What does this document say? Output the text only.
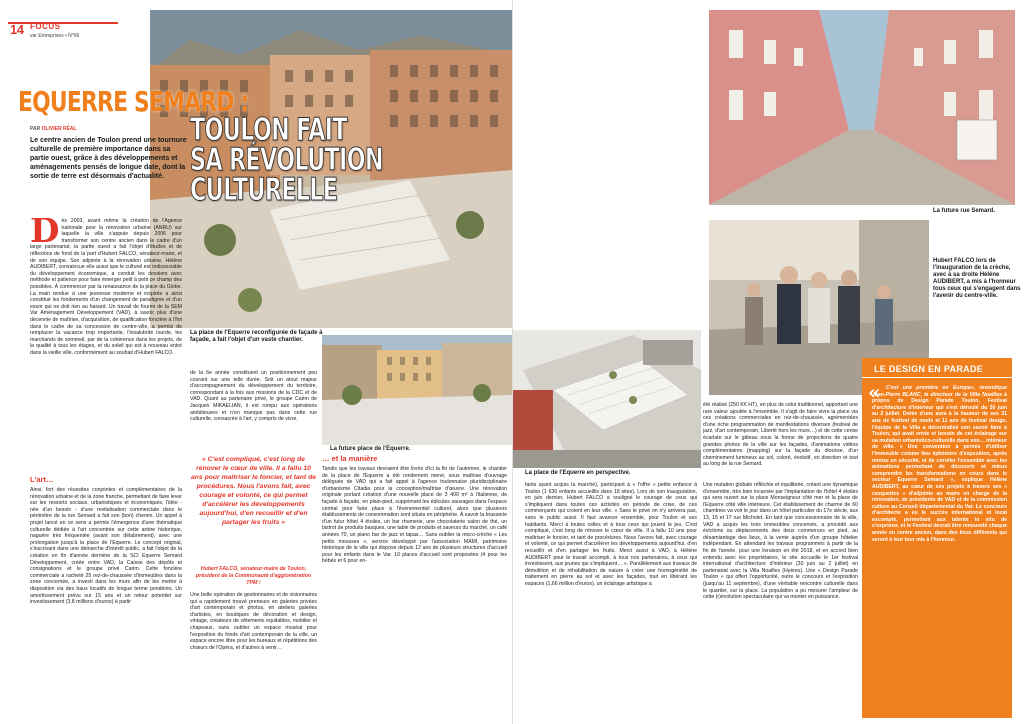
14 FOCUS
var Entreprises • N°66
EQUERRE SEMARD :
TOULON FAIT
SA RÉVOLUTION
CULTURELLE
PAR OLIVIER RÉAL
Le centre ancien de Toulon prend une tournure culturelle de première importance dans sa partie ouest, grâce à des développements et aménagements pensés de longue date, dont la sortie de terre est désormais d'actualité.
Dès 2003, avant même la création de l'Agence nationale pour la rénovation urbaine (ANRU) sur laquelle la ville s'appuie depuis 2006 pour transformer son centre ancien dans le cadre d'un large partenariat, la partie ouest a fait l'objet d'études et de réflexions de fond de la part d'Hubert FALCO, sénateur-maire, et de son équipe. Son adjointe à la rénovation urbaine, Hélène AUDIBERT, convaincue elle aussi que le culturel est indissociable du développement économique, a conduit les dossiers avec méthode et patience pour faire émerger petit à petit ce champ des possibles. À commencer par la renaissance de la place du Globe. La main tendue à une jeunesse moderne et inspirée a ainsi constitué les fondements d'un changement de paradigme et d'un essor qui ne doit rien au hasard. Un travail de fourmi de la SEM Var Aménagement Développement (VAD), à savoir plus d'une décennie de maîtrise, d'acquisition, de qualification foncière à l'îlot dans le cadre de sa concession de centre-ville, a permis de remplacer la vacance trop importante, l'insalubrité lourde, les marchands de sommeil, par de la cohérence dans les projets, de la qualité à tous les étages, et du soleil qui est à nouveau entré dans la vieille ville, conformément au souhait d'Hubert FALCO.
L'art…
Ainsi, fort des réussites conjointes et complémentaires de la rénovation urbaine et de la zone franche, permettant de faire lever sur les ressorts sociaux, urbanistiques et économiques, l'idée - née d'un besoin - d'une revitalisation commerciale dans le périmètre de la rue Semard a fait son (bon) chemin. Un appel à projet lancé en ce sens a permis l'émergence d'une thématique culturelle dédiée à l'art concentrée sur cette artère historique, naguère très fréquentée (avant son délabrement), avec une prolongation jusqu'à la place de l'Equerre. Le concept original, s'inscrivant dans une démarche d'intérêt public, a fait l'objet de la création en fin d'année dernière de la SCI Equerre Semard Développement, créée entre VAD, la Caisse des dépôts et consignations et le groupe privé Carim. Cette foncière commerciale a racheté 25 rez-de-chaussée d'immeubles dans la zone concernée, a investi dans les murs afin de les mettre à disposition via des baux locatifs de longue terme pondérés. Un amortissement prévu sur 15 ans et un retour potentiel sur investissement (3,8 millions d'euros) à partir
de la 6e année constituent un positionnement peu courant sur une telle durée. Soit un atout majeur d'accompagnement du développement du territoire, correspondant à la fois aux missions de la CDC et de VAD. Quant au partenaire privé, le groupe Carim de Jacques MIKAELIAN, il est rompu aux opérations ambitieuses et n'en manque pas dans cette rue culturelle, consacrée à l'art, y compris de vivre.
« C'est compliqué, c'est long de rénover le cœur de ville. Il a fallu 10 ans pour maîtriser le foncier, et tant de procédures. Nous l'avons fait, avec courage et volonté, ce qui permet d'accélérer les développements aujourd'hui, d'en recueillir et d'en partager les fruits »
Hubert FALCO, sénateur-maire de Toulon, président de la Communauté d'agglomération TPM !
Une belle opération de gestionnaires et de visionnaires qui a rapidement trouvé preneurs en galeries privées d'art contemporain et photos, en ateliers galeries d'artistes, en boutiques de décoration et design, vintage, créateurs de vêtements équitables, mobilier et chapeaux, sans oublier un espace muséal pour l'exposition du fonds d'art contemporain de la ville, un espace encore libre pour les bureaux et répétitions des chœurs de l'Opéra, et d'autres à venir…
La place de l'Equerre reconfigurée de façade à façade, a fait l'objet d'un vaste chantier.
La future place de l'Equerre.
… et la manière
Tandis que les travaux devraient être livrés d'ici la fin de l'automne, le chantier de la place de l'Equerre a été rondement mené, sous maîtrise d'ouvrage déléguée de VAD qui a fait appel à l'agence toulonnaise pluridisciplinaire d'urbanisme Citadia pour la conception/maîtrise d'œuvre. Une rénovation originale portant création d'une nouvelle place de 3 400 m² à l'italienne, de façade à façade, en plain-pied, supprimant les édicules sauvages dans l'espace central pour faire place à l'événementiel culturel, alors que plusieurs établissements de consommation sont situés en périphérie. À savoir la brasserie d'un futur hôtel 4 étoiles, un bar rhumerie, une chocolaterie salon de thé, un bistrot de produits basques, une table de produits et saveurs du marché, un café années 70, un piano bar de jazz et tapas… Sans oublier la micro-crèche « Les petits mousses », service développé par l'association MAMI, patrimoine historique de la ville qui dispose depuis 12 ans de plusieurs structures d'accueil pour les enfants dans le Var. 10 places d'accueil sont proposées (4 pour les bébés et 6 pour en-
La place de l'Equerre en perspective.
La future rue Semard.
Hubert FALCO lors de l'inauguration de la crèche, avec à sa droite Hélène AUDIBERT, a mis à l'honneur tous ceux qui s'engagent dans l'avenir du centre-ville.
été réalisé (250 K€ HT), en plus de celui traditionnel, apportant une rare valeur ajoutée à l'ensemble. Il s'agit de faire vivre la place via ces créations commerciales en rez-de-chaussée, agrémentées d'une riche programmation de manifestations diverses (festival de jazz, d'art contemporain, Liberté hors les murs…) et de cette cerise écarlate sur le gâteau sous la forme de projections de quatre grandes photos de la ville sur les façades, d'animations vidéos complémentaires (mapping) sur la façade du diocèse, d'un cheminement lumineux au sol, coloré, évolutif, en direction et tout au long de la rue Semard.
Une mutation globale réfléchie et équilibrée, créant une dynamique d'ensemble, très bien incarnée par l'implantation de l'hôtel 4 étoiles qui sera ouvert sur la place Monseigneur côté mer et la place de l'Equerre côté ville intérieure. Cet établissement de charme de 60 chambres va voir le jour dans un hôtel particulier du 17e siècle, aux 13, 15 et 17 rue Micholet. En tant que concessionnaire de la ville, VAD a acquis les trois immeubles concernés, a procédé aux évictions ou déplacements des deux commerces en pied, au désamiantage des lieux, à la vente auprès d'un groupe hôtelier indépendant. En attendant les travaux programmés à partir de la fin de l'année, pour une livraison en été 2018, et en accord bien entendu avec les propriétaires, le site accueille le 1er festival international d'architecture d'intérieur (30 juin au 2 juillet) en partenariat avec la Villa Noailles (Hyères). Une « Design Parade Toulon » qui offert l'opportunité, outre le concours et l'exposition (jusqu'au 11 septembre), d'une véritable rencontre culturelle dans le quartier, sur la place. La population a pu mesurer l'ampleur de cette (r)évolution spectaculaire qui va monter en puissance.
fants ayant acquis la marche), participant à « l'offre » petite enfance à Toulon (1 630 enfants accueillis dans 18 sites). Lors de son inauguration, en juin dernier, Hubert FALCO a souligné le courage de ceux qui s'impliquent dans toutes ces activités en période de crise, de ces commerçants qui croient en leur ville. « Sans le privé on n'y arrivera pas, sans le public aussi. Il faut avancer ensemble, pour Toulon et ses habitants. Merci à toutes celles et à tous ceux qui jouent le jeu. C'est compliqué, c'est long de rénover le cœur de ville. Il a fallu 10 ans pour maîtriser le foncier, et tant de procédures. Nous l'avons fait, avec courage et volonté, ce qui permet d'accélérer les développements aujourd'hui, d'en recueillir et d'en partager les fruits. Merci aussi à VAD, à Hélène AUDIBERT pour le travail accompli, à tous nos partenaires, à ceux qui investissent, aux jeunes qui s'impliquent… ». Parallèlement aux travaux de démolition et de réhabilitation de nature à créer une homogénéité de traitement en pierre au sol et avec les façades, tout en libérant les espaces (1,66 million d'euros), un éclairage artistique a
LE DESIGN EN PARADE
«	C'est une première en Europe», revendique Jean-Pierre BLANC, le directeur de la Villa Noailles à propos de Design Parade Toulon, Festival d'architecture d'intérieur qui s'est déroulé du 30 juin au 2 juillet. Dotée d'une aura à la hauteur de ses 31 ans de festival de mode et 11 ans de festival design, l'équipe de la Villa a décentralisé son savoir faire à Toulon, qui avait envie et besoin de cet éclairage sur sa mutation urbanistico-culturelle dans son… intérieur de ville. « Une convention a permis d'utiliser l'immeuble comme lieu éphémère d'exposition, après remise en sécurité, et de corréler l'ensemble avec les animations permettant de découvrir et mieux comprendre les transformations en cours dans le secteur Equerre Semard », explique Hélène AUDIBERT, au cœur de ces projets à travers ses « casquettes » d'adjointe au maire en charge de la rénovation, de présidente de VAD et de la commission culture au Conseil départemental du Var. Le concours d'architecte a eu le succès international et local escompté, permettant aux talents in situ de s'exprimer, et le Festival devrait être renouvelé chaque année en centre ancien, dans des lieux différents qui seront à leur tour mis à l'honneur.
